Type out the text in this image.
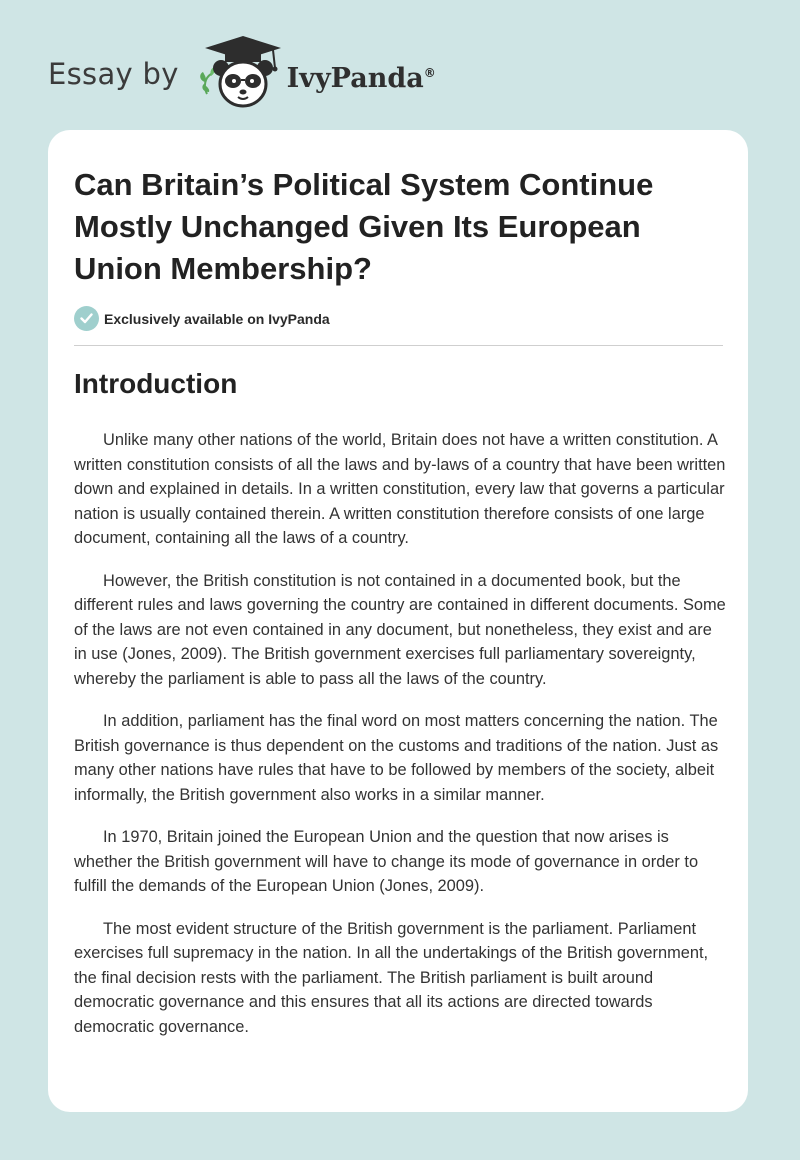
Essay by	IvyPanda®
Can Britain’s Political System Continue Mostly Unchanged Given Its European Union Membership?
Exclusively available on IvyPanda
Introduction

Unlike many other nations of the world, Britain does not have a written constitution. A written constitution consists of all the laws and by-laws of a country that have been written down and explained in details. In a written constitution, every law that governs a particular nation is usually contained therein. A written constitution therefore consists of one large document, containing all the laws of a country.

However, the British constitution is not contained in a documented book, but the different rules and laws governing the country are contained in different documents. Some of the laws are not even contained in any document, but nonetheless, they exist and are in use (Jones, 2009). The British government exercises full parliamentary sovereignty, whereby the parliament is able to pass all the laws of the country.

In addition, parliament has the final word on most matters concerning the nation. The British governance is thus dependent on the customs and traditions of the nation. Just as many other nations have rules that have to be followed by members of the society, albeit informally, the British government also works in a similar manner.

In 1970, Britain joined the European Union and the question that now arises is whether the British government will have to change its mode of governance in order to fulfill the demands of the European Union (Jones, 2009).

The most evident structure of the British government is the parliament. Parliament exercises full supremacy in the nation. In all the undertakings of the British government, the final decision rests with the parliament. The British parliament is built around democratic governance and this ensures that all its actions are directed towards democratic governance.
